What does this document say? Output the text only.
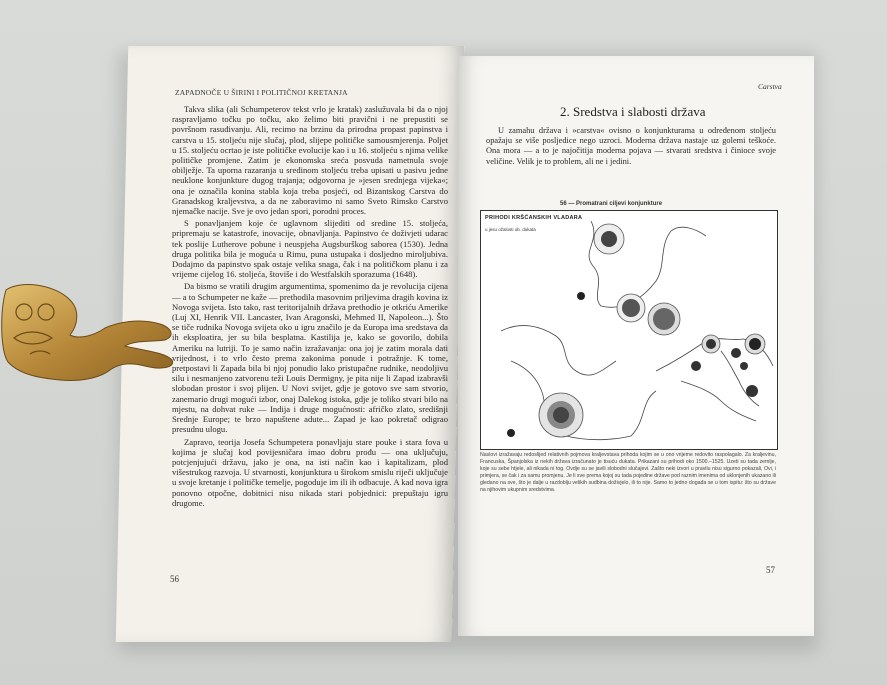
ZAPADNOČE U ŠIRINI I POLITIČNOJ KRETANJA
Carstva

Takva slika (ali Schumpeterov tekst vrlo je kratak) zaslužuvala bi da o njoj raspravljamo točku po točku, ako želimo biti pravični i ne prepustiti se površnom rasuđivanju. Ali, recimo na brzinu da prirodna propast papinstva i carstva u 15. stoljeću nije slučaj, plod, slijepe političke samousmjerenja. Poljet u 15. stoljeću ocrtao je iste političke evolucije kao i u 16. stoljeću s njima velike političke promjene. Zatim je ekonomska sreća posvuda nametnula svoje obilježje. Ta uporna razaranja u sredinom stoljeću treba upisati u pasivu jedne neuklone konjunkture dugog trajanja; odgovorna je »jesen srednjega vijeka«; ona je označila konina stabla koja treba posjeći, od Bizantskog Carstva do Granadskog kraljevstva, a da ne zaboravimo ni samo Sveto Rimsko Carstvo njemačke nacije. Sve je ovo jedan spori, porodni proces.

S ponavljanjem koje će uglavnom slijediti od sredine 15. stoljeća, pripremaju se katastrofe, inovacije, obnavljanja. Papinstvo će doživjeti udarac tek poslije Lutherove pobune i neuspjeha Augsburškog saborea (1530). Jedna druga politika bila je moguća u Rimu, puna ustupaka i dosljedno miroljubiva. Dodajmo da papinstvo spak ostaje velika snaga, čak i na političkom planu i za vrijeme cijelog 16. stoljeća, štoviše i do Westfalskih sporazuma (1648).

Da bismo se vratili drugim argumentima, spomenimo da je revolucija cijena — a to Schumpeter ne kaže — prethodila masovnim priljevima dragih kovina iz Novoga svijeta. Isto tako, rast teritorijalnih država prethodio je otkriću Amerike (Luj XI, Henrik VII. Lancaster, Ivan Aragonski, Mehmed II, Napoleon...). Što se tiče rudnika Novoga svijeta oko u igru značilo je da Europa ima sredstava da ih eksploatira, jer su bila besplatna. Kastilija je, kako se govorilo, dobila Ameriku na lutriji. To je samo način izražavanja: ona joj je zatim morala dati vrijednost, i to vrlo često prema zakonima ponude i potražnje. K tome, pretpostavi li Zapada bila bi njoj ponudio lako pristupačne rudnike, neodoljivu silu i nesmanjeno zatvorenu teži Louis Dermigny, je pita nije li Zapad izabravši slobodan prostor i svoj plijen. U Novi svijet, gdje je gotovo sve sam stvorio, zanemario drugi mogući izbor, onaj Dalekog istoka, gdje je toliko stvari bilo na mjestu, na dohvat ruke — Indija i druge mogućnosti: afričko zlato, središnji Srednje Europe; te brzo napuštene adute... Zapad je kao pokretač odigrao presudnu ulogu.

Zapravo, teorija Josefa Schumpetera ponavljaju stare pouke i stara fova u kojima je slučaj kod povijesničara imao dobru prođu — ona uključuju, potcjenjujući državu, jako je ona, na isti način kao i kapitalizam, plod višestrukog razvoja. U stvarnosti, konjunktura u širokom smislu riječi uključuje u svoje kretanje i političke temelje, pogoduje im ili ih odbacuje. A kad nova igra ponovno otpočne, dobitnici nisu nikada stari pobjednici: prepuštaju igru drugome.

56
57
2. Sredstva i slabosti država

U zamahu država i »carstva« ovisno o konjunkturama u određenom stoljeću opažaju se više posljedice nego uzroci. Moderna država nastaje uz golemi teškoće. Ona mora — a to je najočitija moderna pojava — stvarati sredstva i činioce svoje veličine. Velik je to problem, ali ne i jedini.

56 — Promatrani ciljevi konjunkture
PRIHODI KRŠĆANSKIH VLADARA
u jesu ožalosti ob. dukata
Naslovi izražavaju redoslijed relativnih pojmova kraljevstava prihoda kojim se u ono vrijeme redovito raspolagalo. Za kraljevinu, Francuska, Španjolska iz nekih država izračunato je tisuću dukata. Prikazani su prihodi oko 1500.–1525. Uzeti su tada zemlje, koje su sebe htjele, ali nikada ni tog. Ovdje su se javili slobodni slučajevi. Zašto neki izvori u pravilu nisu sigurno pokazali, Ovi, i primjera, se čak i za samu promjenu. Je li sve prema kojoj su tada pojedine države pod raznim imenima od uklonjenih ukazano ili gledano na sve, što je dalje u razdoblju velikih sudbina doživjelo, ili to nije. Samo to jedno događa se u tom ispitu: što su države na njihovim ukupnim sredstvima.
